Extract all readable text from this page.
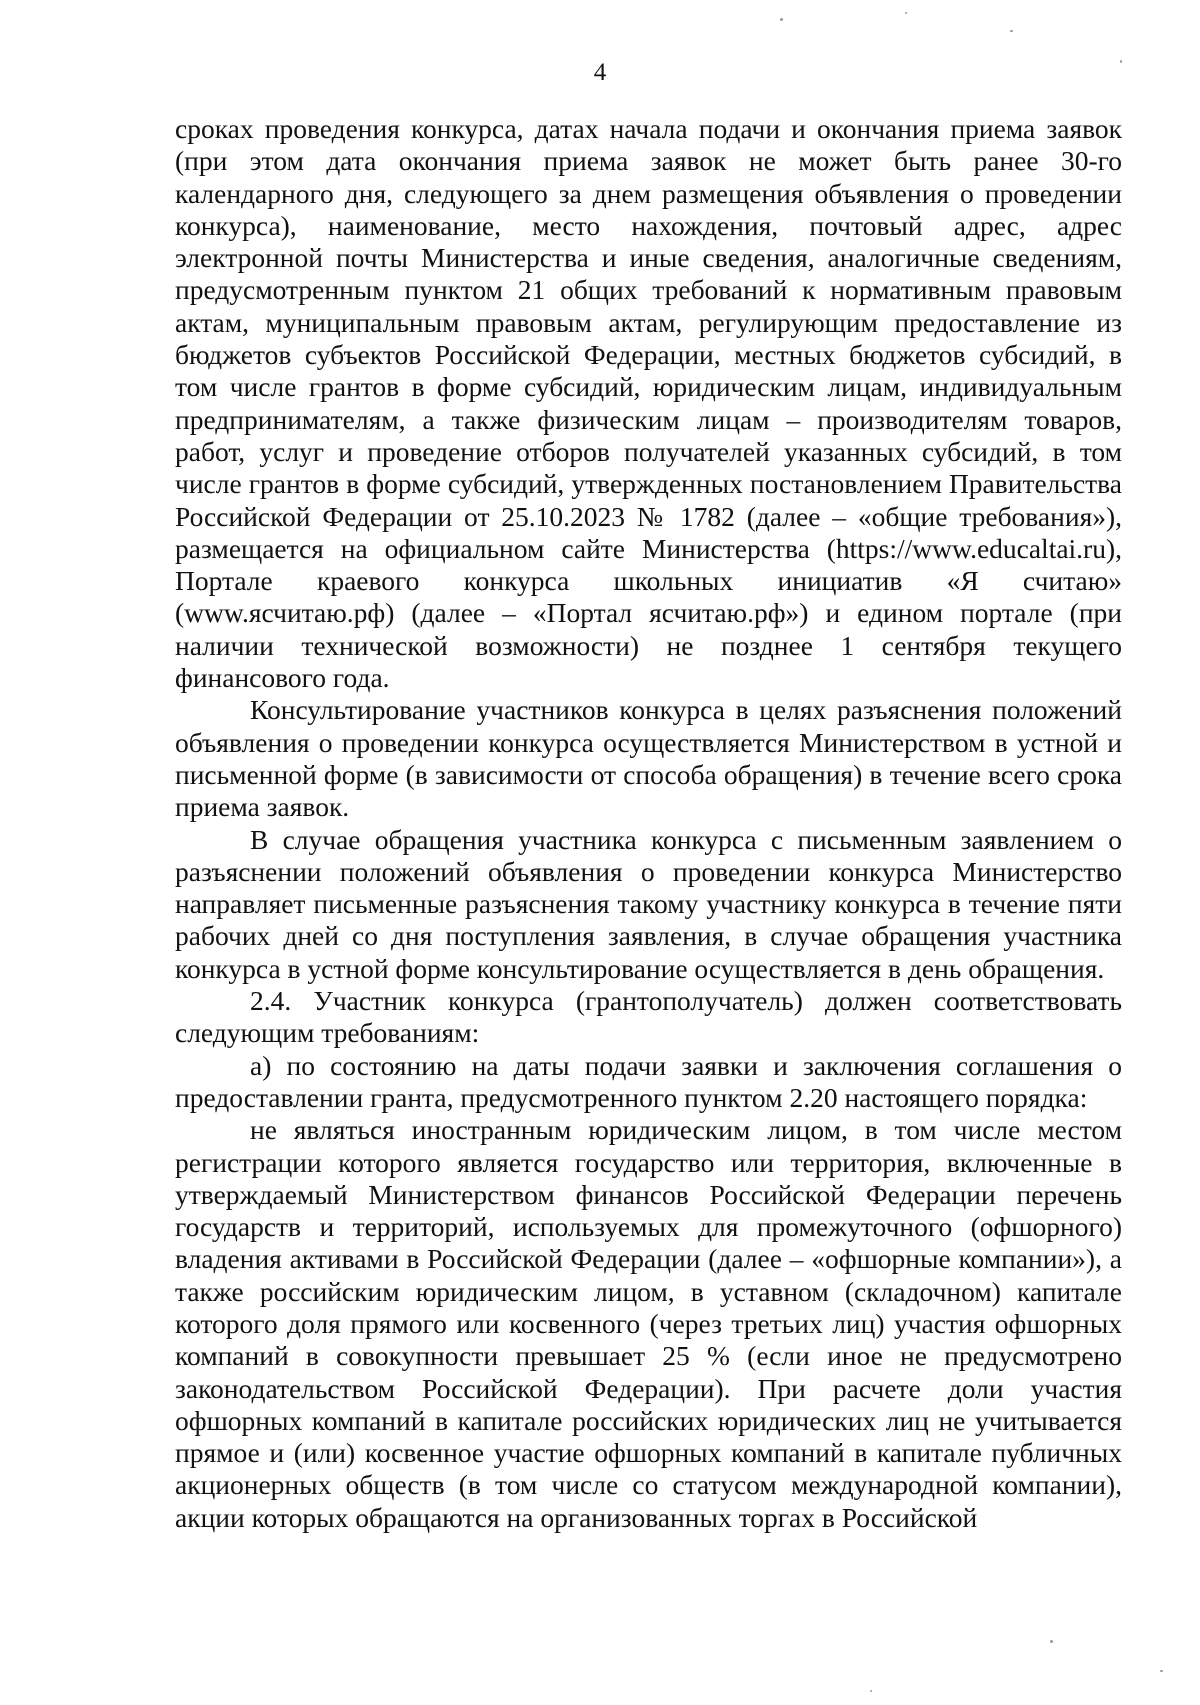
4

сроках проведения конкурса, датах начала подачи и окончания приема заявок (при этом дата окончания приема заявок не может быть ранее 30-го календарного дня, следующего за днем размещения объявления о проведении конкурса), наименование, место нахождения, почтовый адрес, адрес электронной почты Министерства и иные сведения, аналогичные сведениям, предусмотренным пунктом 21 общих требований к нормативным правовым актам, муниципальным правовым актам, регулирующим предоставление из бюджетов субъектов Российской Федерации, местных бюджетов субсидий, в том числе грантов в форме субсидий, юридическим лицам, индивидуальным предпринимателям, а также физическим лицам – производителям товаров, работ, услуг и проведение отборов получателей указанных субсидий, в том числе грантов в форме субсидий, утвержденных постановлением Правительства Российской Федерации от 25.10.2023 № 1782 (далее – «общие требования»), размещается на официальном сайте Министерства (https://www.educaltai.ru), Портале краевого конкурса школьных инициатив «Я считаю» (www.ясчитаю.рф) (далее – «Портал ясчитаю.рф») и едином портале (при наличии технической возможности) не позднее 1 сентября текущего финансового года.

Консультирование участников конкурса в целях разъяснения положений объявления о проведении конкурса осуществляется Министерством в устной и письменной форме (в зависимости от способа обращения) в течение всего срока приема заявок.

В случае обращения участника конкурса с письменным заявлением о разъяснении положений объявления о проведении конкурса Министерство направляет письменные разъяснения такому участнику конкурса в течение пяти рабочих дней со дня поступления заявления, в случае обращения участника конкурса в устной форме консультирование осуществляется в день обращения.

2.4. Участник конкурса (грантополучатель) должен соответствовать следующим требованиям:

а) по состоянию на даты подачи заявки и заключения соглашения о предоставлении гранта, предусмотренного пунктом 2.20 настоящего порядка:

не являться иностранным юридическим лицом, в том числе местом регистрации которого является государство или территория, включенные в утверждаемый Министерством финансов Российской Федерации перечень государств и территорий, используемых для промежуточного (офшорного) владения активами в Российской Федерации (далее – «офшорные компании»), а также российским юридическим лицом, в уставном (складочном) капитале которого доля прямого или косвенного (через третьих лиц) участия офшорных компаний в совокупности превышает 25 % (если иное не предусмотрено законодательством Российской Федерации). При расчете доли участия офшорных компаний в капитале российских юридических лиц не учитывается прямое и (или) косвенное участие офшорных компаний в капитале публичных акционерных обществ (в том числе со статусом международной компании), акции которых обращаются на организованных торгах в Российской
